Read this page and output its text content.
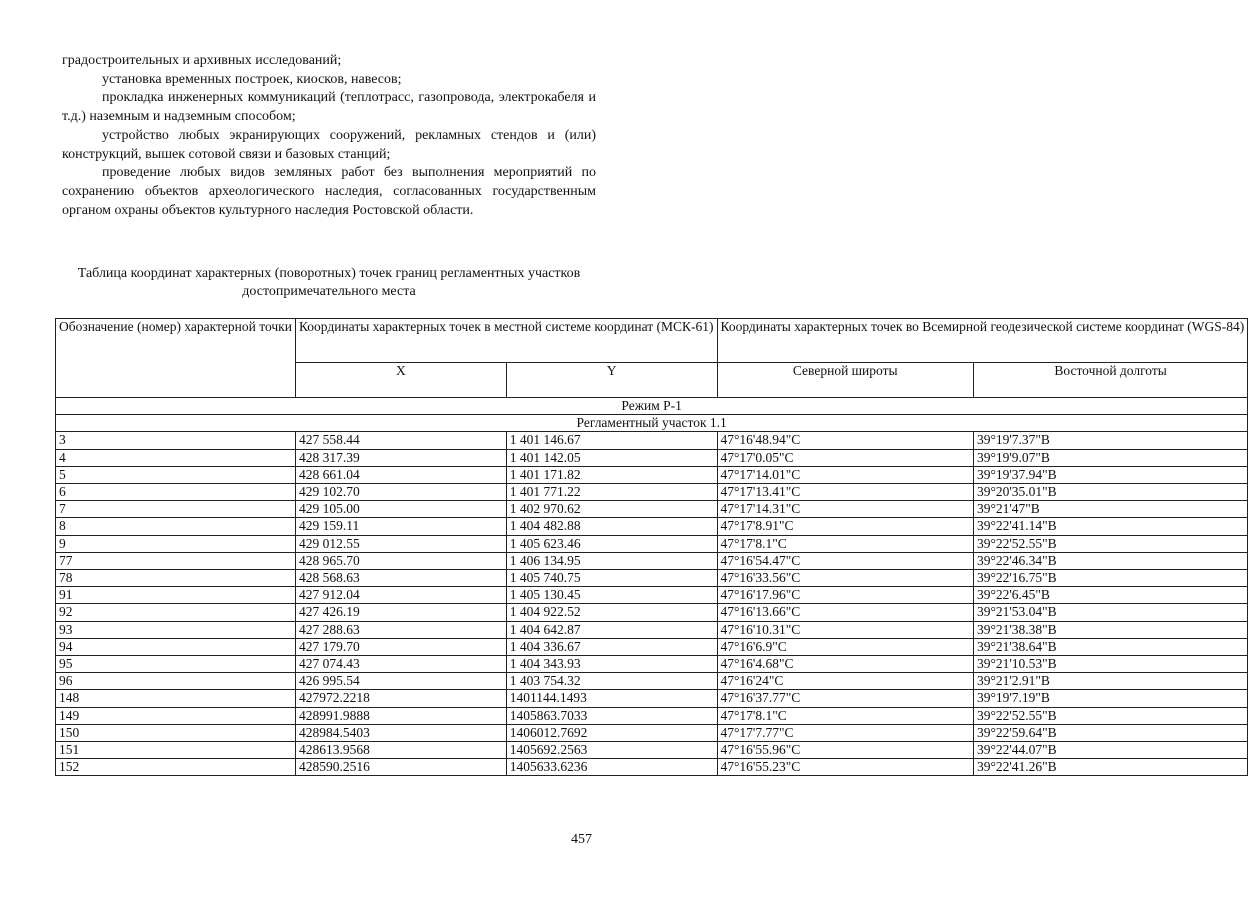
градостроительных и архивных исследований;

установка временных построек, киосков, навесов;

прокладка инженерных коммуникаций (теплотрасс, газопровода, электрокабеля и т.д.) наземным и надземным способом;

устройство любых экранирующих сооружений, рекламных стендов и (или) конструкций, вышек сотовой связи и базовых станций;

проведение любых видов земляных работ без выполнения мероприятий по сохранению объектов археологического наследия, согласованных государственным органом охраны объектов культурного наследия Ростовской области.

Таблица координат характерных (поворотных) точек границ регламентных участков достопримечательного места
Обозначение (номер) характерной точки	Координаты характерных точек в местной системе координат (МСК-61)		Координаты характерных точек во Всемирной геодезической системе координат (WGS-84)	
	X	Y	Северной широты	Восточной долготы
Режим Р-1				
Регламентный участок 1.1				
3	427 558.44	1 401 146.67	47°16'48.94"С	39°19'7.37"В
4	428 317.39	1 401 142.05	47°17'0.05"С	39°19'9.07"В
5	428 661.04	1 401 171.82	47°17'14.01"С	39°19'37.94"В
6	429 102.70	1 401 771.22	47°17'13.41"С	39°20'35.01"В
7	429 105.00	1 402 970.62	47°17'14.31"С	39°21'47"В
8	429 159.11	1 404 482.88	47°17'8.91"С	39°22'41.14"В
9	429 012.55	1 405 623.46	47°17'8.1"С	39°22'52.55"В
77	428 965.70	1 406 134.95	47°16'54.47"С	39°22'46.34"В
78	428 568.63	1 405 740.75	47°16'33.56"С	39°22'16.75"В
91	427 912.04	1 405 130.45	47°16'17.96"С	39°22'6.45"В
92	427 426.19	1 404 922.52	47°16'13.66"С	39°21'53.04"В
93	427 288.63	1 404 642.87	47°16'10.31"С	39°21'38.38"В
94	427 179.70	1 404 336.67	47°16'6.9"С	39°21'38.64"В
95	427 074.43	1 404 343.93	47°16'4.68"С	39°21'10.53"В
96	426 995.54	1 403 754.32	47°16'24"С	39°21'2.91"В
148	427972.2218	1401144.1493	47°16'37.77"С	39°19'7.19"В
149	428991.9888	1405863.7033	47°17'8.1"С	39°22'52.55"В
150	428984.5403	1406012.7692	47°17'7.77"С	39°22'59.64"В
151	428613.9568	1405692.2563	47°16'55.96"С	39°22'44.07"В
152	428590.2516	1405633.6236	47°16'55.23"С	39°22'41.26"В
457
